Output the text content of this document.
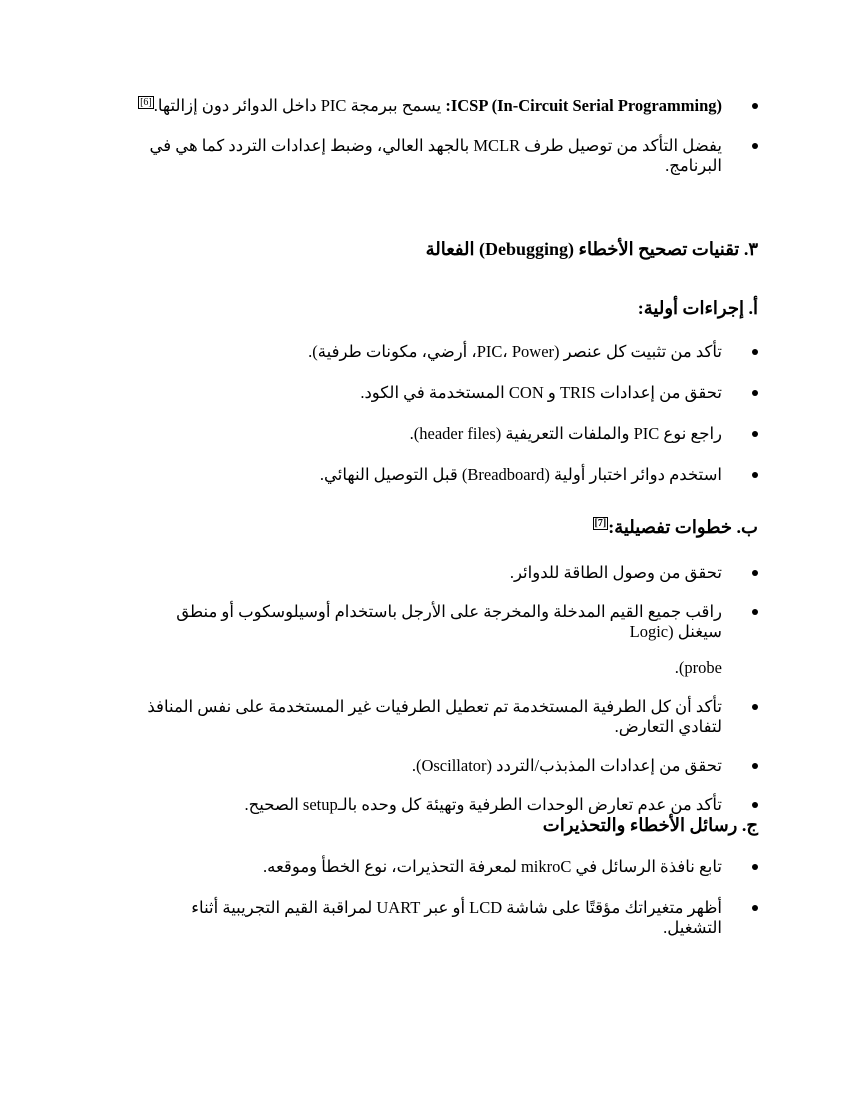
ICSP (In-Circuit Serial Programming): يسمح ببرمجة PIC داخل الدوائر دون إزالتها.[6]
يفضل التأكد من توصيل طرف MCLR بالجهد العالي، وضبط إعدادات التردد كما هي في البرنامج.
٣. تقنيات تصحيح الأخطاء (Debugging) الفعالة
أ. إجراءات أولية:
تأكد من تثبيت كل عنصر (PIC، Power، أرضي، مكونات طرفية).
تحقق من إعدادات TRIS و CON المستخدمة في الكود.
راجع نوع PIC والملفات التعريفية (header files).
استخدم دوائر اختبار أولية (Breadboard) قبل التوصيل النهائي.
ب. خطوات تفصيلية:[7]
تحقق من وصول الطاقة للدوائر.
راقب جميع القيم المدخلة والمخرجة على الأرجل باستخدام أوسيلوسكوب أو منطق سيغنل (Logic
probe).
تأكد أن كل الطرفية المستخدمة تم تعطيل الطرفيات غير المستخدمة على نفس المنافذ لتفادي التعارض.
تحقق من إعدادات المذبذب/التردد (Oscillator).
تأكد من عدم تعارض الوحدات الطرفية وتهيئة كل وحده بالـsetup الصحيح.
ج. رسائل الأخطاء والتحذيرات
تابع نافذة الرسائل في mikroC لمعرفة التحذيرات، نوع الخطأ وموقعه.
أظهر متغيراتك مؤقتًا على شاشة LCD أو عبر UART لمراقبة القيم التجريبية أثناء التشغيل.
